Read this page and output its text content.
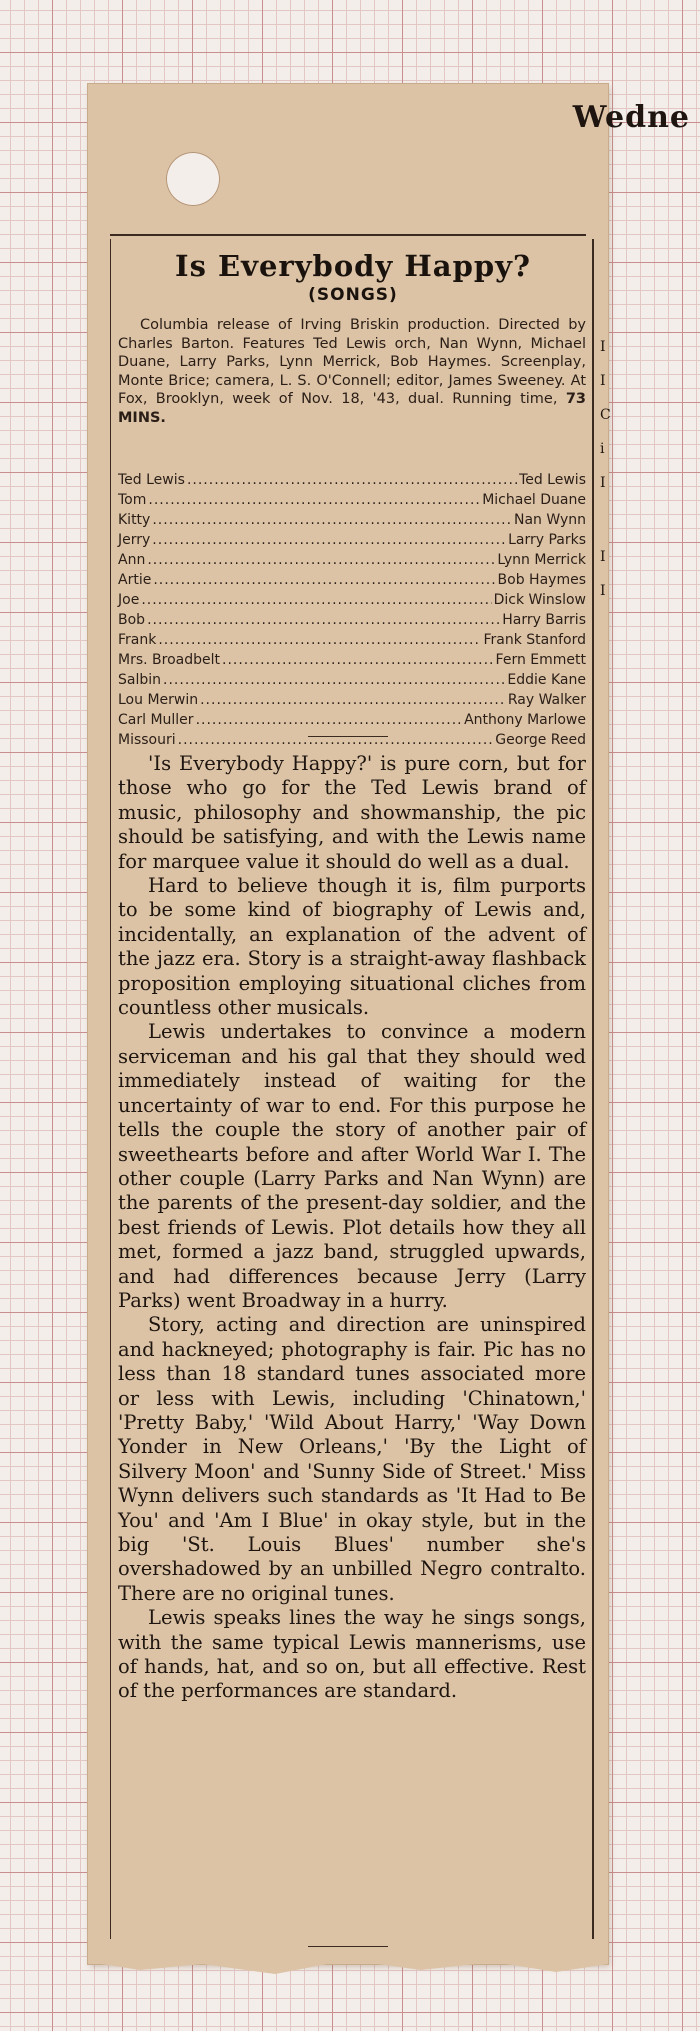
Wedne
I
I
C
i
I
I
I
Is Everybody Happy?
(SONGS)
Columbia release of Irving Briskin production. Directed by Charles Barton. Features Ted Lewis orch, Nan Wynn, Michael Duane, Larry Parks, Lynn Merrick, Bob Haymes. Screenplay, Monte Brice; camera, L. S. O'Connell; editor, James Sweeney. At Fox, Brooklyn, week of Nov. 18, '43, dual. Running time, 73 MINS.
Ted Lewis .....	Ted Lewis
Tom .....	Michael Duane
Kitty .....	Nan Wynn
Jerry .....	Larry Parks
Ann .....	Lynn Merrick
Artie .....	Bob Haymes
Joe .....	Dick Winslow
Bob .....	Harry Barris
Frank .....	Frank Stanford
Mrs. Broadbelt .....	Fern Emmett
Salbin .....	Eddie Kane
Lou Merwin .....	Ray Walker
Carl Muller .....	Anthony Marlowe
Missouri .....	George Reed

'Is Everybody Happy?' is pure corn, but for those who go for the Ted Lewis brand of music, philosophy and showmanship, the pic should be satisfying, and with the Lewis name for marquee value it should do well as a dual.

Hard to believe though it is, film purports to be some kind of biography of Lewis and, incidentally, an explanation of the advent of the jazz era. Story is a straight-away flashback proposition employing situational cliches from countless other musicals.

Lewis undertakes to convince a modern serviceman and his gal that they should wed immediately instead of waiting for the uncertainty of war to end. For this purpose he tells the couple the story of another pair of sweethearts before and after World War I. The other couple (Larry Parks and Nan Wynn) are the parents of the present-day soldier, and the best friends of Lewis. Plot details how they all met, formed a jazz band, struggled upwards, and had differences because Jerry (Larry Parks) went Broadway in a hurry.

Story, acting and direction are uninspired and hackneyed; photography is fair. Pic has no less than 18 standard tunes associated more or less with Lewis, including 'Chinatown,' 'Pretty Baby,' 'Wild About Harry,' 'Way Down Yonder in New Orleans,' 'By the Light of Silvery Moon' and 'Sunny Side of Street.' Miss Wynn delivers such standards as 'It Had to Be You' and 'Am I Blue' in okay style, but in the big 'St. Louis Blues' number she's overshadowed by an unbilled Negro contralto. There are no original tunes.

Lewis speaks lines the way he sings songs, with the same typical Lewis mannerisms, use of hands, hat, and so on, but all effective. Rest of the performances are standard.
